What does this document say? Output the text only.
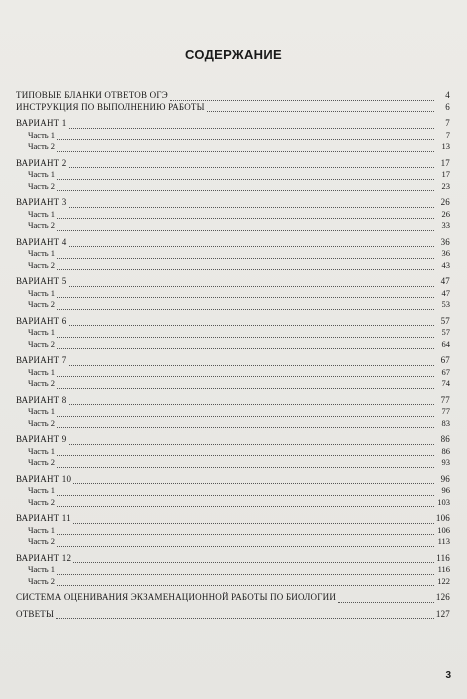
СОДЕРЖАНИЕ
ТИПОВЫЕ БЛАНКИ ОТВЕТОВ ОГЭ	4
ИНСТРУКЦИЯ ПО ВЫПОЛНЕНИЮ РАБОТЫ	6
ВАРИАНТ 1	7
Часть 1	7
Часть 2	13
ВАРИАНТ 2	17
Часть 1	17
Часть 2	23
ВАРИАНТ 3	26
Часть 1	26
Часть 2	33
ВАРИАНТ 4	36
Часть 1	36
Часть 2	43
ВАРИАНТ 5	47
Часть 1	47
Часть 2	53
ВАРИАНТ 6	57
Часть 1	57
Часть 2	64
ВАРИАНТ 7	67
Часть 1	67
Часть 2	74
ВАРИАНТ 8	77
Часть 1	77
Часть 2	83
ВАРИАНТ 9	86
Часть 1	86
Часть 2	93
ВАРИАНТ 10	96
Часть 1	96
Часть 2	103
ВАРИАНТ 11	106
Часть 1	106
Часть 2	113
ВАРИАНТ 12	116
Часть 1	116
Часть 2	122
СИСТЕМА ОЦЕНИВАНИЯ ЭКЗАМЕНАЦИОННОЙ РАБОТЫ ПО БИОЛОГИИ	126
ОТВЕТЫ	127
3
